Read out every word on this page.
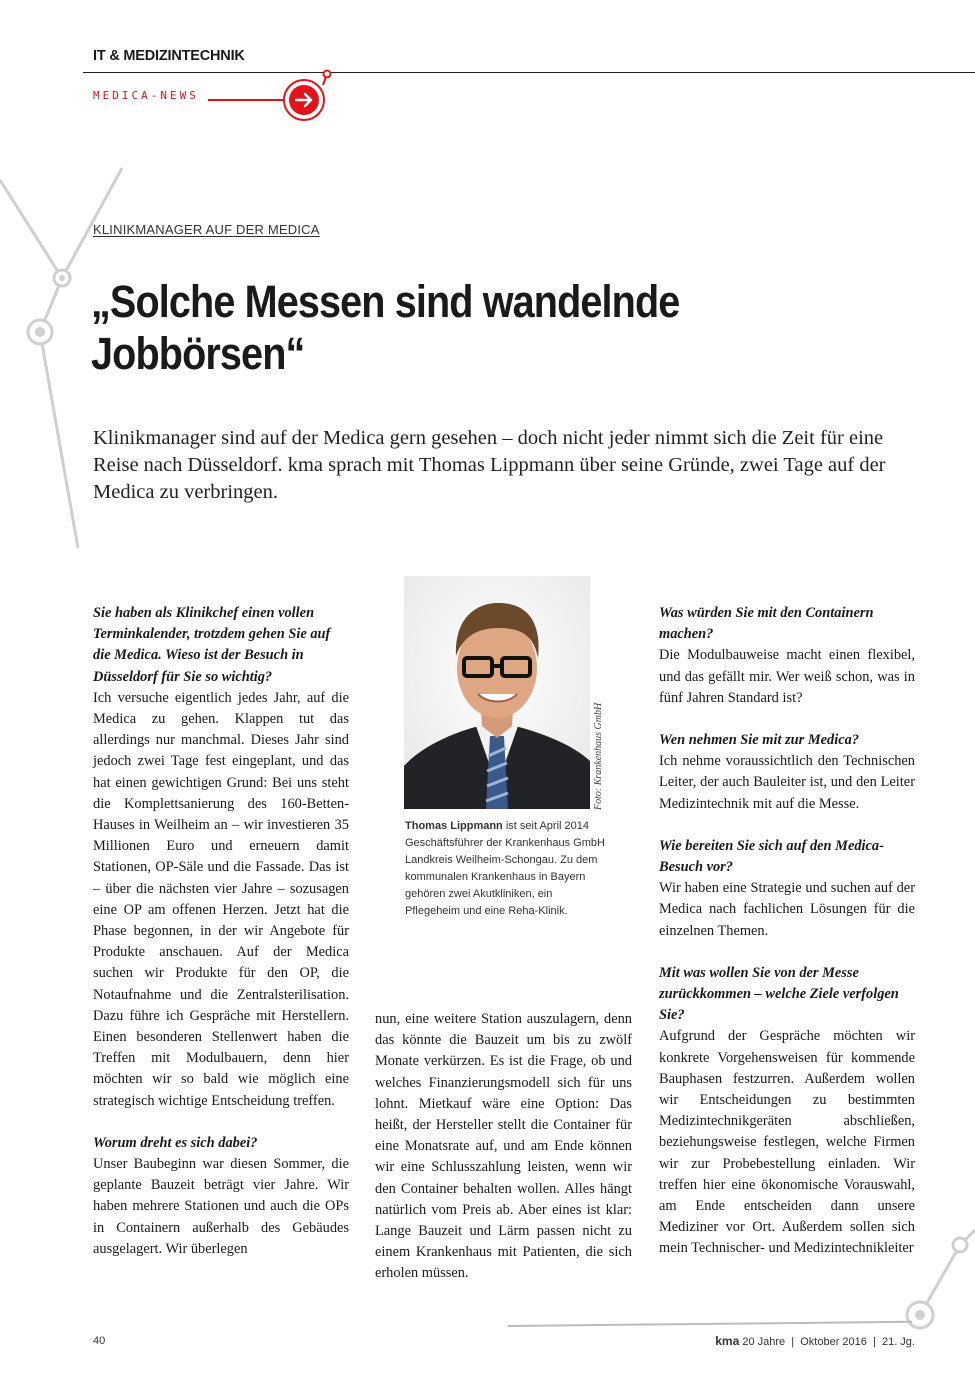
IT & MEDIZINTECHNIK
MEDICA-NEWS
KLINIKMANAGER AUF DER MEDICA
„Solche Messen sind wandelnde Jobbörsen“

Klinikmanager sind auf der Medica gern gesehen – doch nicht jeder nimmt sich die Zeit für eine Reise nach Düsseldorf. kma sprach mit Thomas Lippmann über seine Gründe, zwei Tage auf der Medica zu verbringen.

Sie haben als Klinikchef einen vollen Terminkalender, trotzdem gehen Sie auf die Medica. Wieso ist der Besuch in Düsseldorf für Sie so wichtig?

Ich versuche eigentlich jedes Jahr, auf die Medica zu gehen. Klappen tut das allerdings nur manchmal. Dieses Jahr sind jedoch zwei Tage fest eingeplant, und das hat einen gewichtigen Grund: Bei uns steht die Komplettsanierung des 160-Betten-Hauses in Weilheim an – wir investieren 35 Millionen Euro und erneuern damit Stationen, OP-Säle und die Fassade. Das ist – über die nächsten vier Jahre – sozusagen eine OP am offenen Herzen. Jetzt hat die Phase begonnen, in der wir Angebote für Produkte anschauen. Auf der Medica suchen wir Produkte für den OP, die Notaufnahme und die Zentralsterilisation. Dazu führe ich Gespräche mit Herstellern. Einen besonderen Stellenwert haben die Treffen mit Modulbauern, denn hier möchten wir so bald wie möglich eine strategisch wichtige Entscheidung treffen.

Worum dreht es sich dabei?

Unser Baubeginn war diesen Sommer, die geplante Bauzeit beträgt vier Jahre. Wir haben mehrere Stationen und auch die OPs in Containern außerhalb des Gebäudes ausgelagert. Wir überlegen

Foto: Krankenhaus GmbH

Thomas Lippmann ist seit April 2014 Geschäftsführer der Krankenhaus GmbH Landkreis Weilheim-Schongau. Zu dem kommunalen Krankenhaus in Bayern gehören zwei Akutkliniken, ein Pflegeheim und eine Reha-Klinik.

nun, eine weitere Station auszulagern, denn das könnte die Bauzeit um bis zu zwölf Monate verkürzen. Es ist die Frage, ob und welches Finanzierungsmodell sich für uns lohnt. Mietkauf wäre eine Option: Das heißt, der Hersteller stellt die Container für eine Monatsrate auf, und am Ende können wir eine Schlusszahlung leisten, wenn wir den Container behalten wollen. Alles hängt natürlich vom Preis ab. Aber eines ist klar: Lange Bauzeit und Lärm passen nicht zu einem Krankenhaus mit Patienten, die sich erholen müssen.

Was würden Sie mit den Containern machen?

Die Modulbauweise macht einen flexibel, und das gefällt mir. Wer weiß schon, was in fünf Jahren Standard ist?

Wen nehmen Sie mit zur Medica?

Ich nehme voraussichtlich den Technischen Leiter, der auch Bauleiter ist, und den Leiter Medizintechnik mit auf die Messe.

Wie bereiten Sie sich auf den Medica-Besuch vor?

Wir haben eine Strategie und suchen auf der Medica nach fachlichen Lösungen für die einzelnen Themen.

Mit was wollen Sie von der Messe zurückkommen – welche Ziele verfolgen Sie?

Aufgrund der Gespräche möchten wir konkrete Vorgehensweisen für kommende Bauphasen festzurren. Außerdem wollen wir Entscheidungen zu bestimmten Medizintechnikgeräten abschließen, beziehungsweise festlegen, welche Firmen wir zur Probebestellung einladen. Wir treffen hier eine ökonomische Vorauswahl, am Ende entscheiden dann unsere Mediziner vor Ort. Außerdem sollen sich mein Technischer- und Medizintechnikleiter

40	kma 20 Jahre  |  Oktober 2016  |  21. Jg.
